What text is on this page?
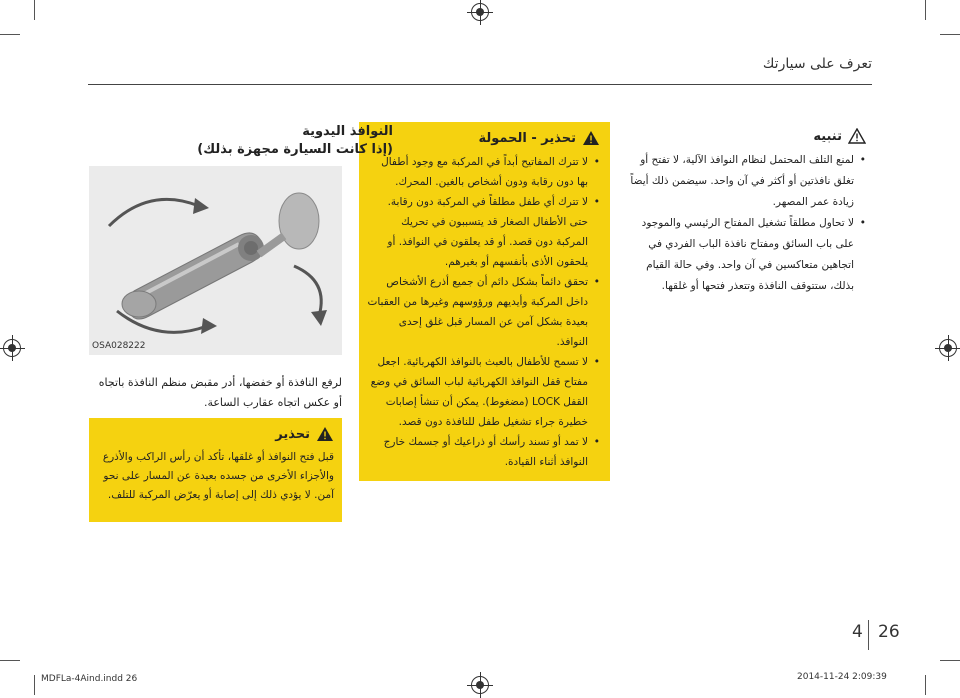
تعرف على سيارتك
تنبيه
• لمنع التلف المحتمل لنظام النوافذ الآلية، لا تفتح أو تغلق نافذتين أو أكثر في آن واحد. سيضمن ذلك أيضاً زيادة عمر المصهر.
• لا تحاول مطلقاً تشغيل المفتاح الرئيسي والموجود على باب السائق ومفتاح نافذة الباب الفردي في اتجاهين متعاكسين في آن واحد. وفي حالة القيام بذلك، ستتوقف النافذة وتتعذر فتحها أو غلقها.
تحذير - الحمولة
• لا تترك المفاتيح أبداً في المركبة مع وجود أطفال بها دون رقابة ودون أشخاص بالغين. المحرك.
• لا تترك أي طفل مطلقاً في المركبة دون رقابة. حتى الأطفال الصغار قد يتسببون في تحريك المركبة دون قصد. أو قد يعلقون في النوافذ. أو يلحقون الأذى بأنفسهم أو بغيرهم.
• تحقق دائماً بشكل دائم أن جميع أذرع الأشخاص داخل المركبة وأيديهم ورؤوسهم وغيرها من العقبات بعيدة بشكل آمن عن المسار قبل غلق إحدى النوافذ.
• لا تسمح للأطفال بالعبث بالنوافذ الكهربائية. اجعل مفتاح قفل النوافذ الكهربائية لباب السائق في وضع القفل LOCK (مضغوط). يمكن أن تنشأ إصابات خطيرة جراء تشغيل طفل للنافذة دون قصد.
• لا تمد أو تسند رأسك أو ذراعيك أو جسمك خارج النوافذ أثناء القيادة.
النوافذ اليدوية
(إذا كانت السيارة مجهزة بذلك)
OSA028222
لرفع النافذة أو خفضها، أدر مقبض منظم النافذة باتجاه أو عكس اتجاه عقارب الساعة.
تحذير
قبل فتح النوافذ أو غلقها، تأكد أن رأس الراكب والأذرع والأجزاء الأخرى من جسده بعيدة عن المسار على نحو آمن. لا يؤدي ذلك إلى إصابة أو يعرّض المركبة للتلف.
4 26
MDFLa-4Aind.indd 26	2014-11-24 2:09:39
